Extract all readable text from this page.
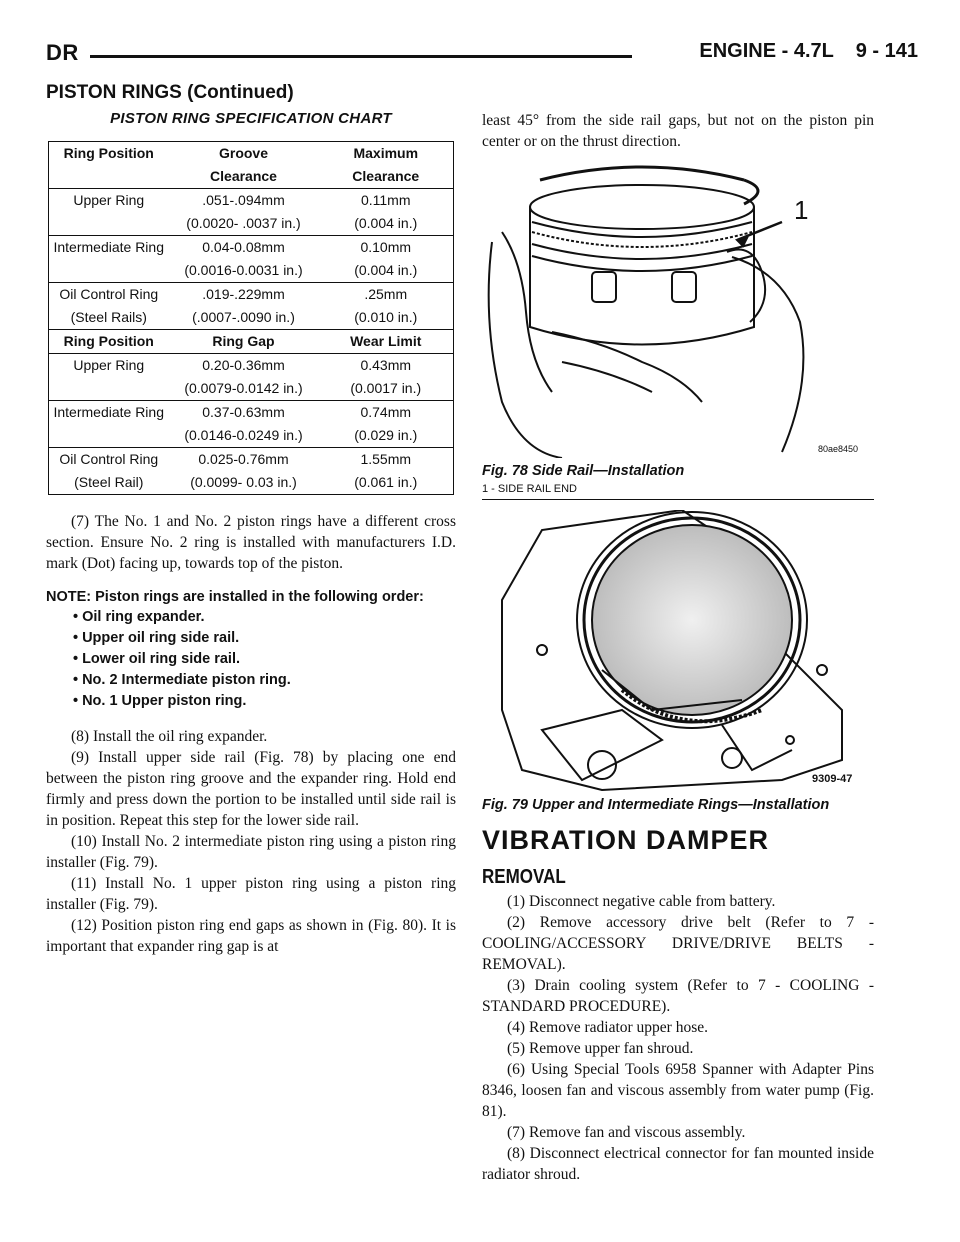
DR	ENGINE - 4.7L    9 - 141
PISTON RINGS (Continued)
PISTON RING SPECIFICATION CHART
Ring Position	Groove	Maximum
	Clearance	Clearance
Upper Ring	.051-.094mm	0.11mm
	(0.0020- .0037 in.)	(0.004 in.)
Intermediate Ring	0.04-0.08mm	0.10mm
	(0.0016-0.0031 in.)	(0.004 in.)
Oil Control Ring	.019-.229mm	.25mm
(Steel Rails)	(.0007-.0090 in.)	(0.010 in.)
Ring Position	Ring Gap	Wear Limit
Upper Ring	0.20-0.36mm	0.43mm
	(0.0079-0.0142 in.)	(0.0017 in.)
Intermediate Ring	0.37-0.63mm	0.74mm
	(0.0146-0.0249 in.)	(0.029 in.)
Oil Control Ring	0.025-0.76mm	1.55mm
(Steel Rail)	(0.0099- 0.03 in.)	(0.061 in.)

(7) The No. 1 and No. 2 piston rings have a different cross section. Ensure No. 2 ring is installed with manufacturers I.D. mark (Dot) facing up, towards top of the piston.

NOTE: Piston rings are installed in the following order:
• Oil ring expander.
• Upper oil ring side rail.
• Lower oil ring side rail.
• No. 2 Intermediate piston ring.
• No. 1 Upper piston ring.

(8) Install the oil ring expander.

(9) Install upper side rail (Fig. 78) by placing one end between the piston ring groove and the expander ring. Hold end firmly and press down the portion to be installed until side rail is in position. Repeat this step for the lower side rail.

(10) Install No. 2 intermediate piston ring using a piston ring installer (Fig. 79).

(11) Install No. 1 upper piston ring using a piston ring installer (Fig. 79).

(12) Position piston ring end gaps as shown in (Fig. 80). It is important that expander ring gap is at

least 45° from the side rail gaps, but not on the piston pin center or on the thrust direction.

1
80ae8450
Fig. 78 Side Rail—Installation
1 - SIDE RAIL END
9309-47
Fig. 79 Upper and Intermediate Rings—Installation
VIBRATION DAMPER
REMOVAL

(1) Disconnect negative cable from battery.

(2) Remove accessory drive belt (Refer to 7 - COOLING/ACCESSORY DRIVE/DRIVE BELTS - REMOVAL).

(3) Drain cooling system (Refer to 7 - COOLING - STANDARD PROCEDURE).

(4) Remove radiator upper hose.

(5) Remove upper fan shroud.

(6) Using Special Tools 6958 Spanner with Adapter Pins 8346, loosen fan and viscous assembly from water pump (Fig. 81).

(7) Remove fan and viscous assembly.

(8) Disconnect electrical connector for fan mounted inside radiator shroud.
